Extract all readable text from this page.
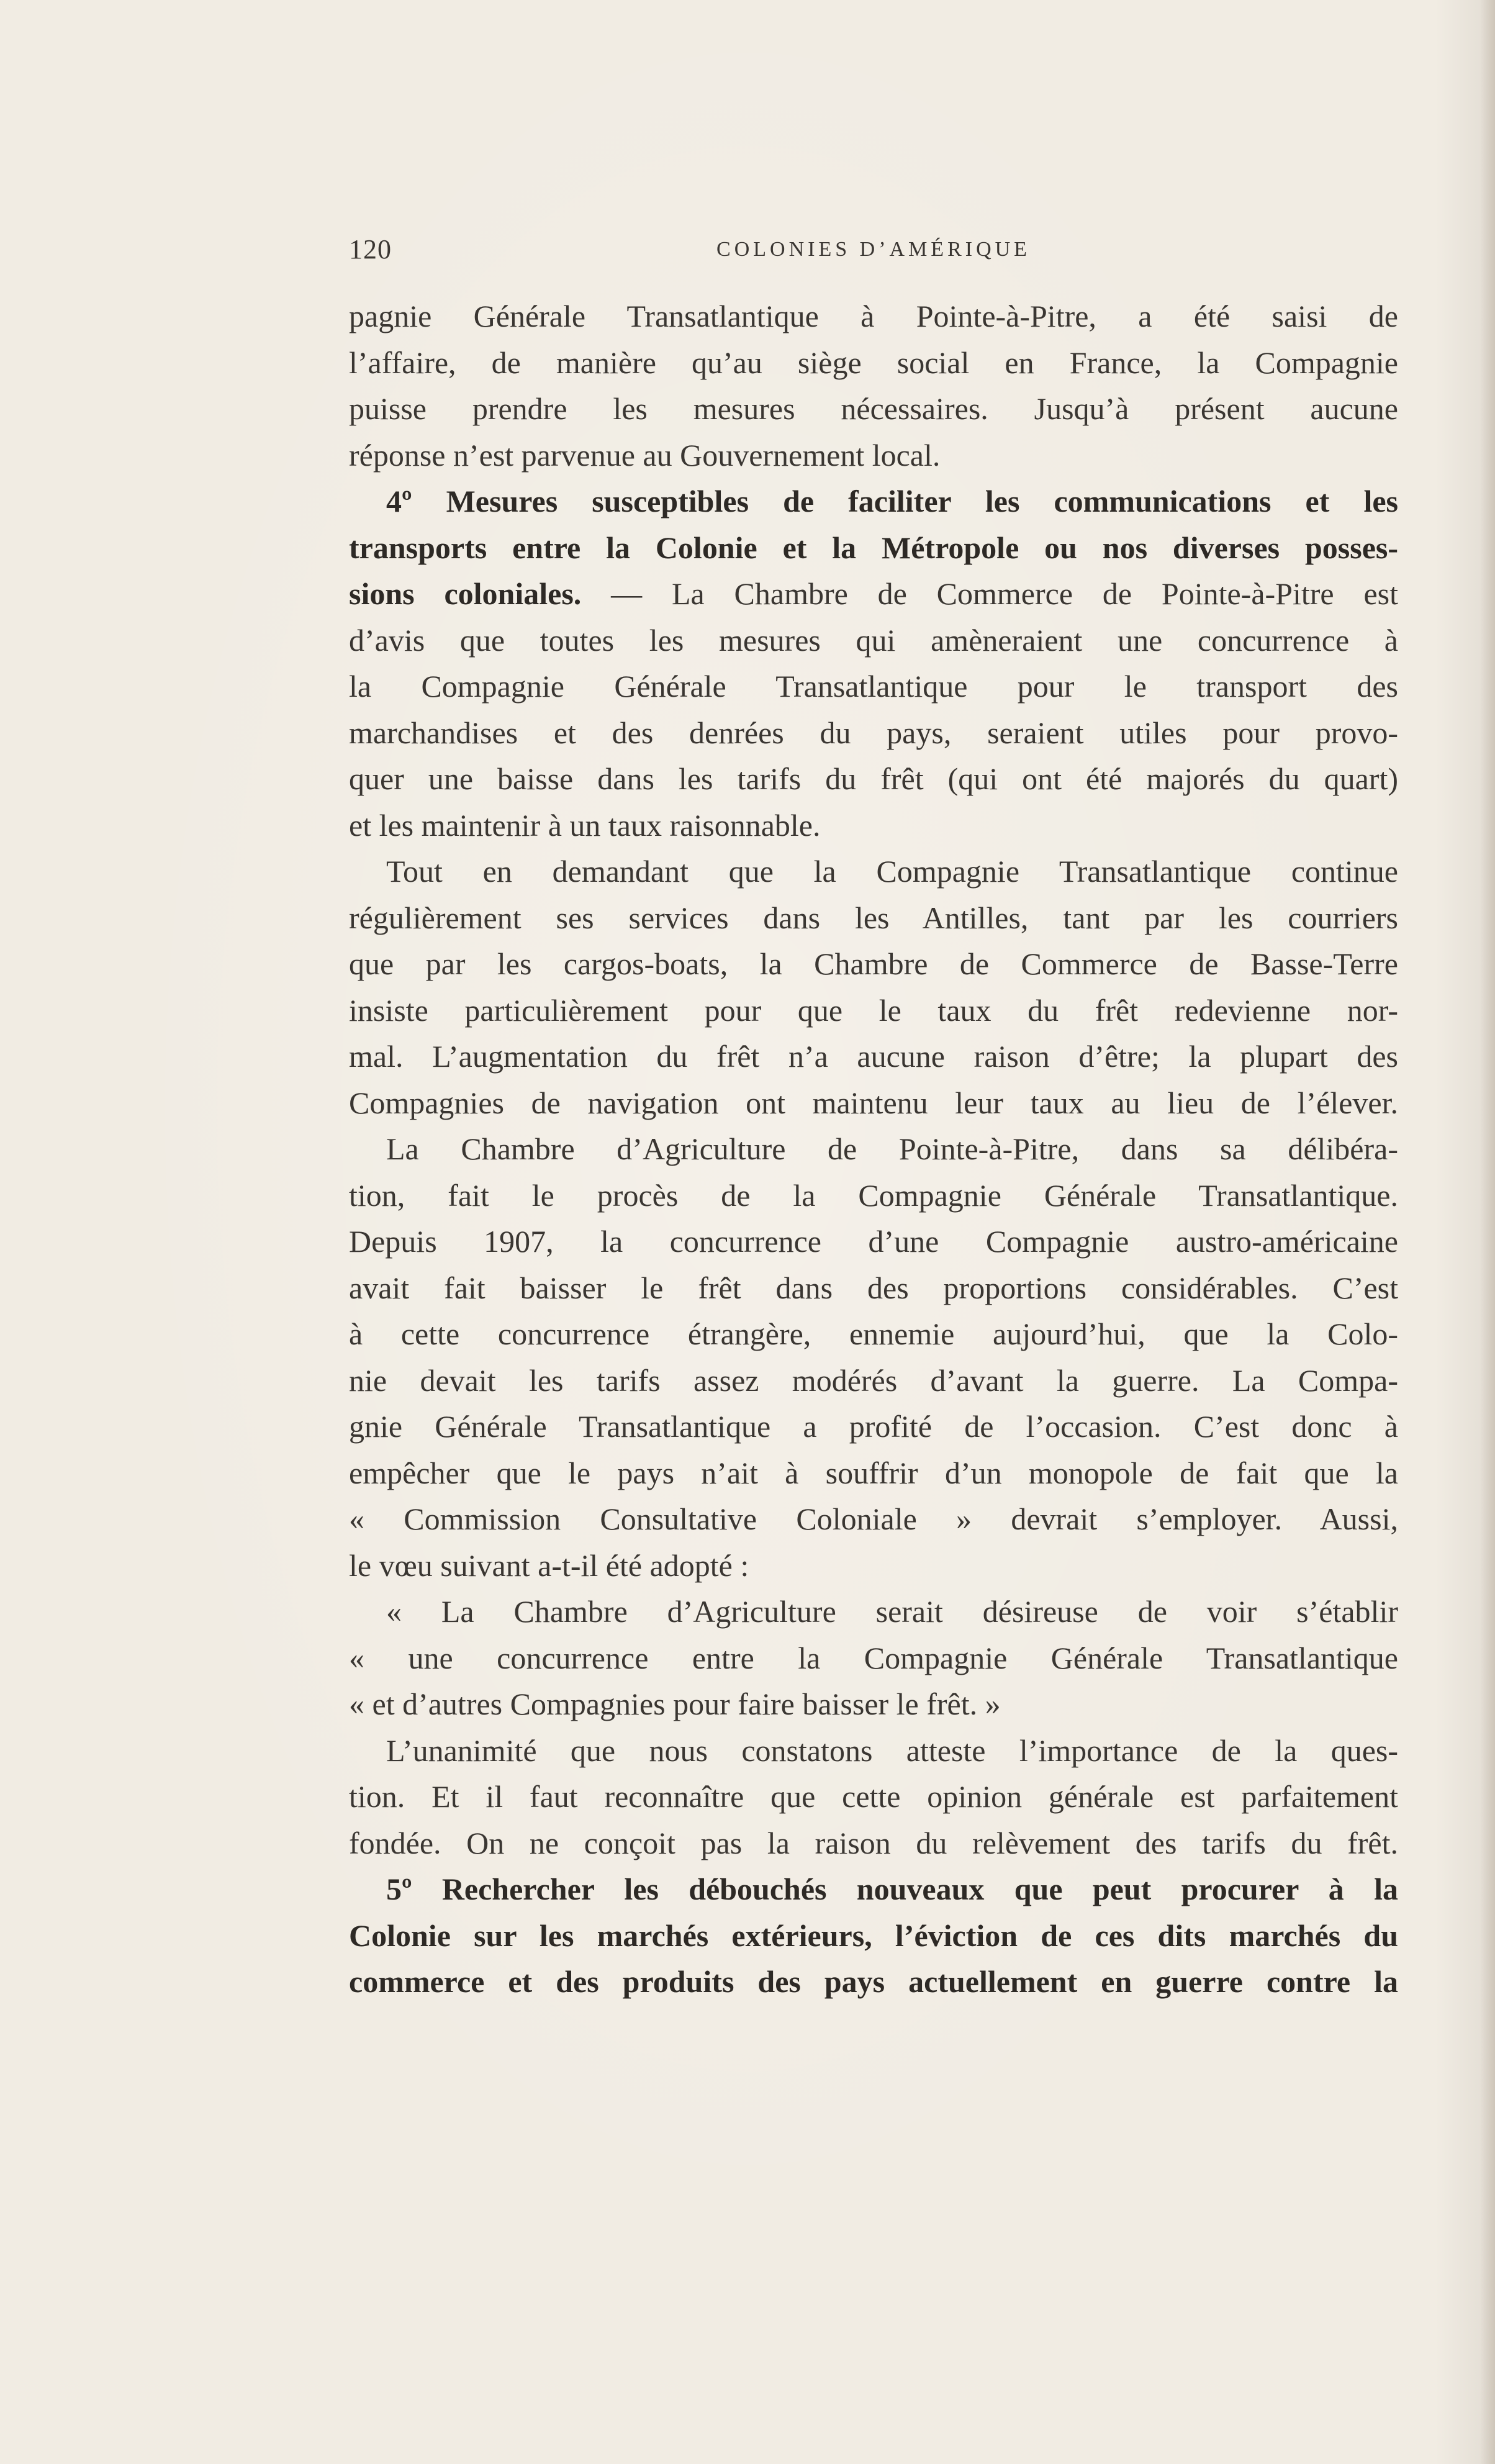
120	COLONIES D’AMÉRIQUE

pagnie Générale Transatlantique à Pointe-à-Pitre, a été saisi de
l’affaire, de manière qu’au siège social en France, la Compagnie
puisse prendre les mesures nécessaires. Jusqu’à présent aucune
réponse n’est parvenue au Gouvernement local.

4º Mesures susceptibles de faciliter les communications et les
transports entre la Colonie et la Métropole ou nos diverses posses-
sions coloniales. — La Chambre de Commerce de Pointe-à-Pitre est
d’avis que toutes les mesures qui amèneraient une concurrence à
la Compagnie Générale Transatlantique pour le transport des
marchandises et des denrées du pays, seraient utiles pour provo-
quer une baisse dans les tarifs du frêt (qui ont été majorés du quart)
et les maintenir à un taux raisonnable.

Tout en demandant que la Compagnie Transatlantique continue
régulièrement ses services dans les Antilles, tant par les courriers
que par les cargos-boats, la Chambre de Commerce de Basse-Terre
insiste particulièrement pour que le taux du frêt redevienne nor-
mal. L’augmentation du frêt n’a aucune raison d’être; la plupart des
Compagnies de navigation ont maintenu leur taux au lieu de l’élever.

La Chambre d’Agriculture de Pointe-à-Pitre, dans sa délibéra-
tion, fait le procès de la Compagnie Générale Transatlantique.
Depuis 1907, la concurrence d’une Compagnie austro-américaine
avait fait baisser le frêt dans des proportions considérables. C’est
à cette concurrence étrangère, ennemie aujourd’hui, que la Colo-
nie devait les tarifs assez modérés d’avant la guerre. La Compa-
gnie Générale Transatlantique a profité de l’occasion. C’est donc à
empêcher que le pays n’ait à souffrir d’un monopole de fait que la
« Commission Consultative Coloniale » devrait s’employer. Aussi,
le vœu suivant a-t-il été adopté :

« La Chambre d’Agriculture serait désireuse de voir s’établir
« une concurrence entre la Compagnie Générale Transatlantique
« et d’autres Compagnies pour faire baisser le frêt. »

L’unanimité que nous constatons atteste l’importance de la ques-
tion. Et il faut reconnaître que cette opinion générale est parfaitement
fondée. On ne conçoit pas la raison du relèvement des tarifs du frêt.

5º Rechercher les débouchés nouveaux que peut procurer à la
Colonie sur les marchés extérieurs, l’éviction de ces dits marchés du
commerce et des produits des pays actuellement en guerre contre la
